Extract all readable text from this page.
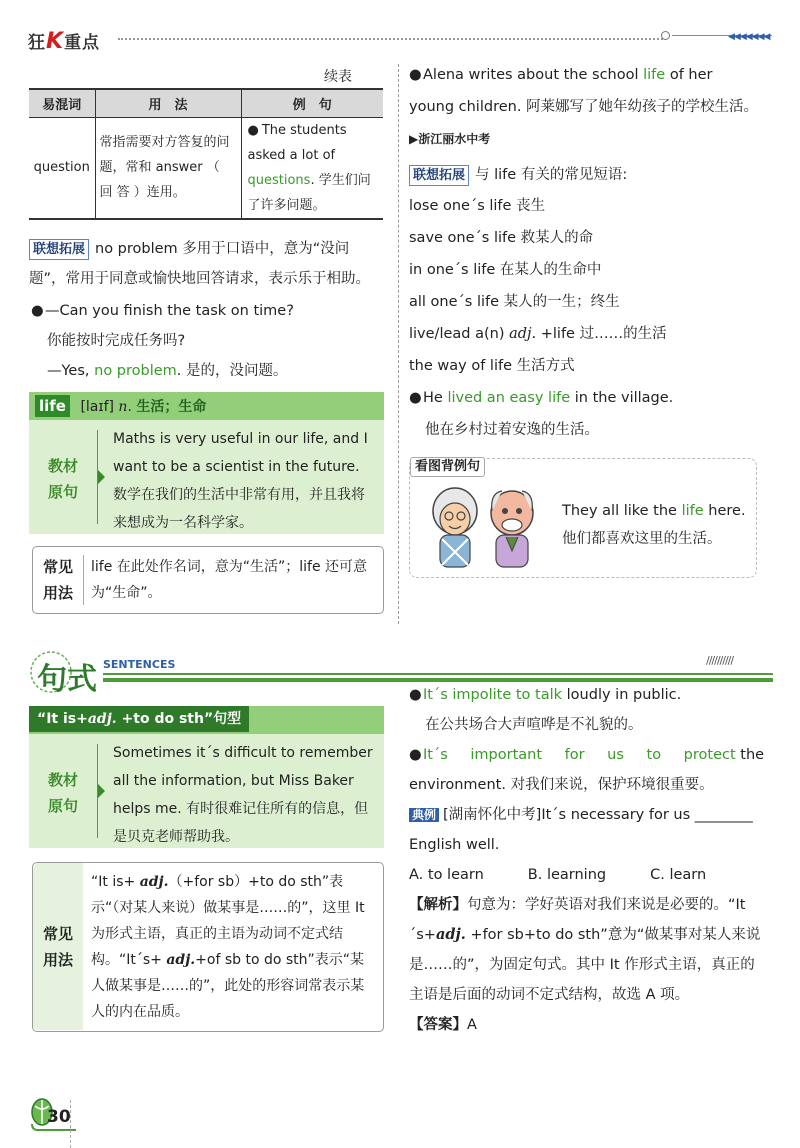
狂K重点	◀◀◀◀◀◀◀
续表
易混词	用　法	例　句
question	常指需要对方答复的问题，常和 answer （ 回 答 ）连用。	● The students asked a lot of questions. 学生们问了许多问题。
联想拓展 no problem 多用于口语中，意为“没问题”，常用于同意或愉快地回答请求，表示乐于相助。
●—Can you finish the task on time?
你能按时完成任务吗?
—Yes, no problem. 是的，没问题。
life [laɪf] n. 生活；生命
教材
原句
Maths is very useful in our life, and I want to be a scientist in the future.
数学在我们的生活中非常有用，并且我将来想成为一名科学家。
常见
用法
life 在此处作名词，意为“生活”；life 还可意为“生命”。
●Alena writes about the school life of her young children. 阿莱娜写了她年幼孩子的学校生活。 ▶浙江丽水中考
联想拓展 与 life 有关的常见短语:
lose one´s life 丧生
save one´s life 救某人的命
in one´s life 在某人的生命中
all one´s life 某人的一生；终生
live/lead a(n) adj. +life 过……的生活
the way of life 生活方式
●He lived an easy life in the village.
他在乡村过着安逸的生活。
看图背例句
They all like the life here.
他们都喜欢这里的生活。
句式 SENTENCES	//////////
“It is+adj. +to do sth”句型
教材
原句
Sometimes it´s difficult to remember all the information, but Miss Baker helps me. 有时很难记住所有的信息，但是贝克老师帮助我。
常见
用法
“It is+ adj.（+for sb）+to do sth”表示“（对某人来说）做某事是……的”，这里 It 为形式主语，真正的主语为动词不定式结构。“It´s+ adj.+of sb to do sth”表示“某人做某事是……的”，此处的形容词常表示某人的内在品质。
●It´s impolite to talk loudly in public.
在公共场合大声喧哗是不礼貌的。
●It´s important for us to protect the environment. 对我们来说，保护环境很重要。
典例 [湖南怀化中考]It´s necessary for us ________ English well.
A. to learn	B. learning	C. learn
【解析】句意为：学好英语对我们来说是必要的。“It´s+adj. +for sb+to do sth”意为“做某事对某人来说是……的”，为固定句式。其中 It 作形式主语，真正的主语是后面的动词不定式结构，故选 A 项。
【答案】A
30
